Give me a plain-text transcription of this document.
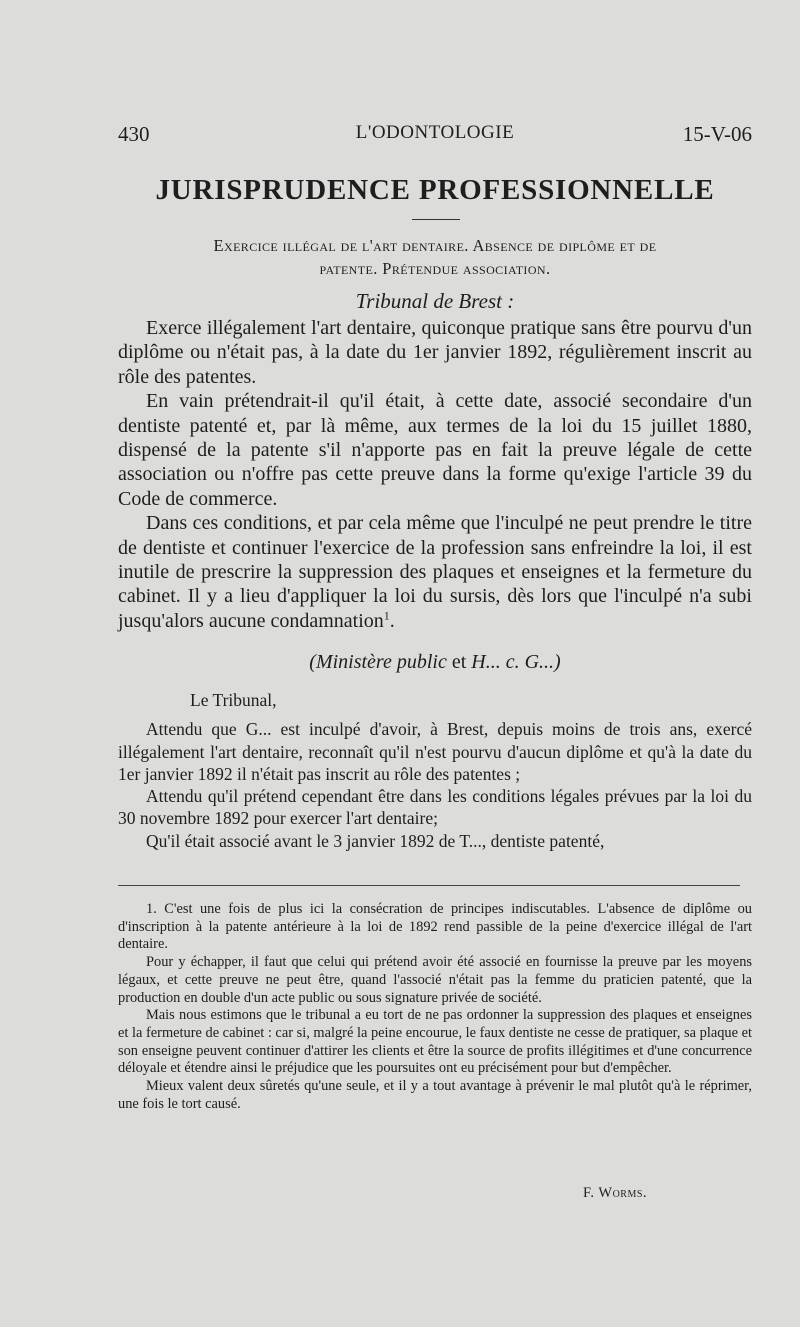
430	L'ODONTOLOGIE	15-V-06
JURISPRUDENCE PROFESSIONNELLE
Exercice illégal de l'art dentaire. Absence de diplôme et de
patente. Prétendue association.
Tribunal de Brest :

Exerce illégalement l'art dentaire, quiconque pratique sans être pourvu d'un diplôme ou n'était pas, à la date du 1er janvier 1892, régulièrement inscrit au rôle des patentes.

En vain prétendrait-il qu'il était, à cette date, associé secondaire d'un dentiste patenté et, par là même, aux termes de la loi du 15 juillet 1880, dispensé de la patente s'il n'apporte pas en fait la preuve légale de cette association ou n'offre pas cette preuve dans la forme qu'exige l'article 39 du Code de commerce.

Dans ces conditions, et par cela même que l'inculpé ne peut prendre le titre de dentiste et continuer l'exercice de la profession sans enfreindre la loi, il est inutile de prescrire la suppression des plaques et enseignes et la fermeture du cabinet. Il y a lieu d'appliquer la loi du sursis, dès lors que l'inculpé n'a subi jusqu'alors aucune condamnation$^1$.

(Ministère public et H... c. G...)

Le Tribunal,

Attendu que G... est inculpé d'avoir, à Brest, depuis moins de trois ans, exercé illégalement l'art dentaire, reconnaît qu'il n'est pourvu d'aucun diplôme et qu'à la date du 1er janvier 1892 il n'était pas inscrit au rôle des patentes ;

Attendu qu'il prétend cependant être dans les conditions légales prévues par la loi du 30 novembre 1892 pour exercer l'art dentaire;

Qu'il était associé avant le 3 janvier 1892 de T..., dentiste patenté,

1. C'est une fois de plus ici la consécration de principes indiscutables. L'absence de diplôme ou d'inscription à la patente antérieure à la loi de 1892 rend passible de la peine d'exercice illégal de l'art dentaire.

Pour y échapper, il faut que celui qui prétend avoir été associé en fournisse la preuve par les moyens légaux, et cette preuve ne peut être, quand l'associé n'était pas la femme du praticien patenté, que la production en double d'un acte public ou sous signature privée de société.

Mais nous estimons que le tribunal a eu tort de ne pas ordonner la suppression des plaques et enseignes et la fermeture de cabinet : car si, malgré la peine encourue, le faux dentiste ne cesse de pratiquer, sa plaque et son enseigne peuvent continuer d'attirer les clients et être la source de profits illégitimes et d'une concurrence déloyale et étendre ainsi le préjudice que les poursuites ont eu précisément pour but d'empêcher.

Mieux valent deux sûretés qu'une seule, et il y a tout avantage à prévenir le mal plutôt qu'à le réprimer, une fois le tort causé.

F. Worms.
